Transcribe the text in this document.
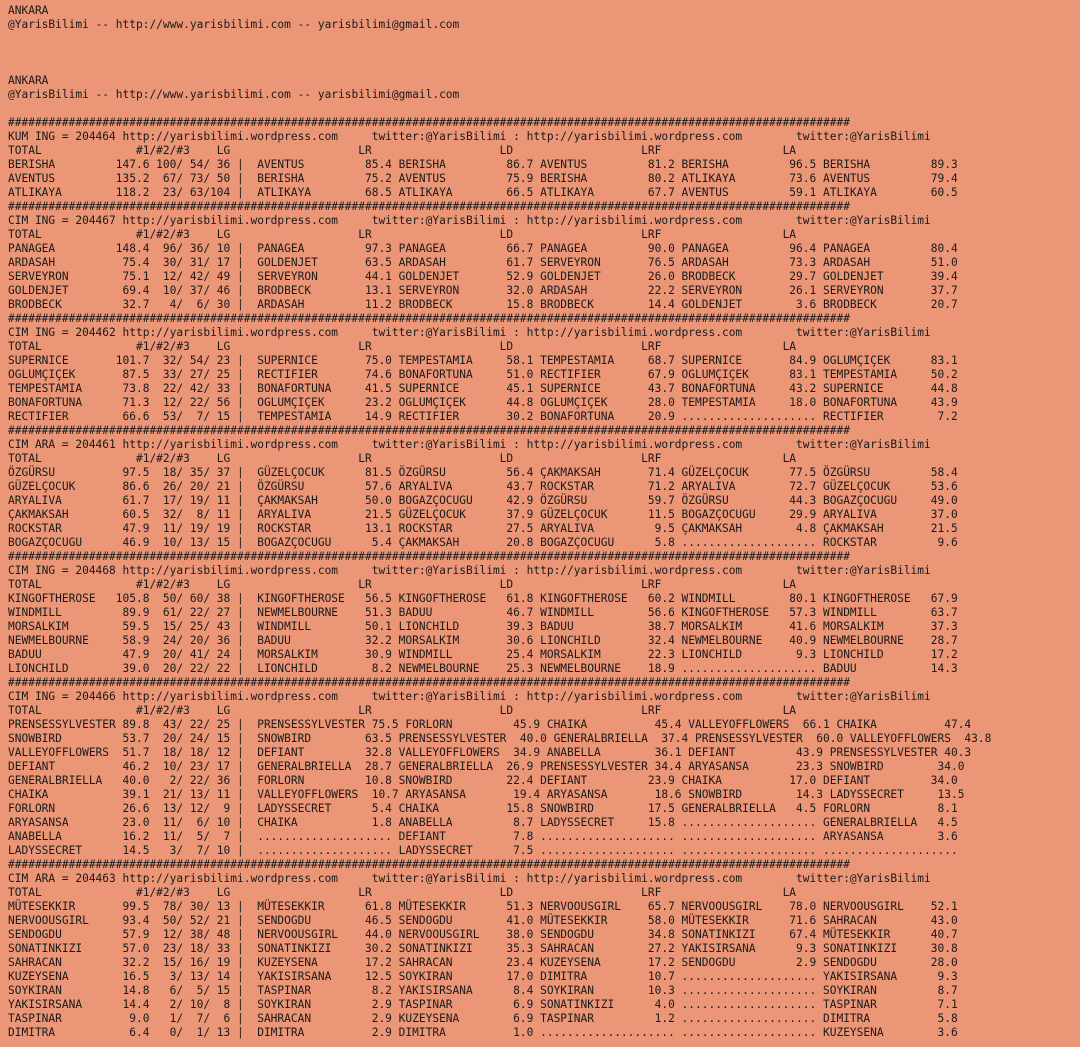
ANKARA
@YarisBilimi -- http://www.yarisbilimi.com -- yarisbilimi@gmail.com
ANKARA
@YarisBilimi -- http://www.yarisbilimi.com -- yarisbilimi@gmail.com
#############################################################################################################################
KUM ING = 204464 http://yarisbilimi.wordpress.com     twitter:@YarisBilimi : http://yarisbilimi.wordpress.com        twitter:@YarisBilimi
TOTAL              #1/#2/#3    LG                   LR                   LD                   LRF                  LA
BERISHA         147.6 100/ 54/ 36 |  AVENTUS         85.4 BERISHA         86.7 AVENTUS         81.2 BERISHA         96.5 BERISHA         89.3
AVENTUS         135.2  67/ 73/ 50 |  BERISHA         75.2 AVENTUS         75.9 BERISHA         80.2 ATLIKAYA        73.6 AVENTUS         79.4
ATLIKAYA        118.2  23/ 63/104 |  ATLIKAYA        68.5 ATLIKAYA        66.5 ATLIKAYA        67.7 AVENTUS         59.1 ATLIKAYA        60.5
#############################################################################################################################
CIM ING = 204467 http://yarisbilimi.wordpress.com     twitter:@YarisBilimi : http://yarisbilimi.wordpress.com        twitter:@YarisBilimi
TOTAL              #1/#2/#3    LG                   LR                   LD                   LRF                  LA
PANAGEA         148.4  96/ 36/ 10 |  PANAGEA         97.3 PANAGEA         66.7 PANAGEA         90.0 PANAGEA         96.4 PANAGEA         80.4
ARDASAH          75.4  30/ 31/ 17 |  GOLDENJET       63.5 ARDASAH         61.7 SERVEYRON       76.5 ARDASAH         73.3 ARDASAH         51.0
SERVEYRON        75.1  12/ 42/ 49 |  SERVEYRON       44.1 GOLDENJET       52.9 GOLDENJET       26.0 BRODBECK        29.7 GOLDENJET       39.4
GOLDENJET        69.4  10/ 37/ 46 |  BRODBECK        13.1 SERVEYRON       32.0 ARDASAH         22.2 SERVEYRON       26.1 SERVEYRON       37.7
BRODBECK         32.7   4/  6/ 30 |  ARDASAH         11.2 BRODBECK        15.8 BRODBECK        14.4 GOLDENJET        3.6 BRODBECK        20.7
#############################################################################################################################
CIM ING = 204462 http://yarisbilimi.wordpress.com     twitter:@YarisBilimi : http://yarisbilimi.wordpress.com        twitter:@YarisBilimi
TOTAL              #1/#2/#3    LG                   LR                   LD                   LRF                  LA
SUPERNICE       101.7  32/ 54/ 23 |  SUPERNICE       75.0 TEMPESTAMIA     58.1 TEMPESTAMIA     68.7 SUPERNICE       84.9 OGLUMÇIÇEK      83.1
OGLUMÇIÇEK       87.5  33/ 27/ 25 |  RECTIFIER       74.6 BONAFORTUNA     51.0 RECTIFIER       67.9 OGLUMÇIÇEK      83.1 TEMPESTAMIA     50.2
TEMPESTAMIA      73.8  22/ 42/ 33 |  BONAFORTUNA     41.5 SUPERNICE       45.1 SUPERNICE       43.7 BONAFORTUNA     43.2 SUPERNICE       44.8
BONAFORTUNA      71.3  12/ 22/ 56 |  OGLUMÇIÇEK      23.2 OGLUMÇIÇEK      44.8 OGLUMÇIÇEK      28.0 TEMPESTAMIA     18.0 BONAFORTUNA     43.9
RECTIFIER        66.6  53/  7/ 15 |  TEMPESTAMIA     14.9 RECTIFIER       30.2 BONAFORTUNA     20.9 .................... RECTIFIER        7.2
#############################################################################################################################
CIM ARA = 204461 http://yarisbilimi.wordpress.com     twitter:@YarisBilimi : http://yarisbilimi.wordpress.com        twitter:@YarisBilimi
TOTAL              #1/#2/#3    LG                   LR                   LD                   LRF                  LA
ÖZGÜRSU          97.5  18/ 35/ 37 |  GÜZELÇOCUK      81.5 ÖZGÜRSU         56.4 ÇAKMAKSAH       71.4 GÜZELÇOCUK      77.5 ÖZGÜRSU         58.4
GÜZELÇOCUK       86.6  26/ 20/ 21 |  ÖZGÜRSU         57.6 ARYALIVA        43.7 ROCKSTAR        71.2 ARYALIVA        72.7 GÜZELÇOCUK      53.6
ARYALIVA         61.7  17/ 19/ 11 |  ÇAKMAKSAH       50.0 BOGAZÇOCUGU     42.9 ÖZGÜRSU         59.7 ÖZGÜRSU         44.3 BOGAZÇOCUGU     49.0
ÇAKMAKSAH        60.5  32/  8/ 11 |  ARYALIVA        21.5 GÜZELÇOCUK      37.9 GÜZELÇOCUK      11.5 BOGAZÇOCUGU     29.9 ARYALIVA        37.0
ROCKSTAR         47.9  11/ 19/ 19 |  ROCKSTAR        13.1 ROCKSTAR        27.5 ARYALIVA         9.5 ÇAKMAKSAH        4.8 ÇAKMAKSAH       21.5
BOGAZÇOCUGU      46.9  10/ 13/ 15 |  BOGAZÇOCUGU      5.4 ÇAKMAKSAH       20.8 BOGAZÇOCUGU      5.8 .................... ROCKSTAR         9.6
#############################################################################################################################
CIM ING = 204468 http://yarisbilimi.wordpress.com     twitter:@YarisBilimi : http://yarisbilimi.wordpress.com        twitter:@YarisBilimi
TOTAL              #1/#2/#3    LG                   LR                   LD                   LRF                  LA
KINGOFTHEROSE   105.8  50/ 60/ 38 |  KINGOFTHEROSE   56.5 KINGOFTHEROSE   61.8 KINGOFTHEROSE   60.2 WINDMILL        80.1 KINGOFTHEROSE   67.9
WINDMILL         89.9  61/ 22/ 27 |  NEWMELBOURNE    51.3 BADUU           46.7 WINDMILL        56.6 KINGOFTHEROSE   57.3 WINDMILL        63.7
MORSALKIM        59.5  15/ 25/ 43 |  WINDMILL        50.1 LIONCHILD       39.3 BADUU           38.7 MORSALKIM       41.6 MORSALKIM       37.3
NEWMELBOURNE     58.9  24/ 20/ 36 |  BADUU           32.2 MORSALKIM       30.6 LIONCHILD       32.4 NEWMELBOURNE    40.9 NEWMELBOURNE    28.7
BADUU            47.9  20/ 41/ 24 |  MORSALKIM       30.9 WINDMILL        25.4 MORSALKIM       22.3 LIONCHILD        9.3 LIONCHILD       17.2
LIONCHILD        39.0  20/ 22/ 22 |  LIONCHILD        8.2 NEWMELBOURNE    25.3 NEWMELBOURNE    18.9 .................... BADUU           14.3
#############################################################################################################################
CIM ING = 204466 http://yarisbilimi.wordpress.com     twitter:@YarisBilimi : http://yarisbilimi.wordpress.com        twitter:@YarisBilimi
TOTAL              #1/#2/#3    LG                   LR                   LD                   LRF                  LA
PRENSESSYLVESTER 89.8  43/ 22/ 25 |  PRENSESSYLVESTER 75.5 FORLORN         45.9 CHAIKA          45.4 VALLEYOFFLOWERS  66.1 CHAIKA          47.4
SNOWBIRD         53.7  20/ 24/ 15 |  SNOWBIRD        63.5 PRENSESSYLVESTER  40.0 GENERALBRIELLA  37.4 PRENSESSYLVESTER  60.0 VALLEYOFFLOWERS  43.8
VALLEYOFFLOWERS  51.7  18/ 18/ 12 |  DEFIANT         32.8 VALLEYOFFLOWERS  34.9 ANABELLA        36.1 DEFIANT         43.9 PRENSESSYLVESTER 40.3
DEFIANT          46.2  10/ 23/ 17 |  GENERALBRIELLA  28.7 GENERALBRIELLA  26.9 PRENSESSYLVESTER 34.4 ARYASANSA       23.3 SNOWBIRD        34.0
GENERALBRIELLA   40.0   2/ 22/ 36 |  FORLORN         10.8 SNOWBIRD        22.4 DEFIANT         23.9 CHAIKA          17.0 DEFIANT         34.0
CHAIKA           39.1  21/ 13/ 11 |  VALLEYOFFLOWERS  10.7 ARYASANSA       19.4 ARYASANSA       18.6 SNOWBIRD        14.3 LADYSSECRET     13.5
FORLORN          26.6  13/ 12/  9 |  LADYSSECRET      5.4 CHAIKA          15.8 SNOWBIRD        17.5 GENERALBRIELLA   4.5 FORLORN          8.1
ARYASANSA        23.0  11/  6/ 10 |  CHAIKA           1.8 ANABELLA         8.7 LADYSSECRET     15.8 .................... GENERALBRIELLA   4.5
ANABELLA         16.2  11/  5/  7 |  .................... DEFIANT          7.8 .................... .................... ARYASANSA        3.6
LADYSSECRET      14.5   3/  7/ 10 |  .................... LADYSSECRET      7.5 .................... .................... ....................
#############################################################################################################################
CIM ARA = 204463 http://yarisbilimi.wordpress.com     twitter:@YarisBilimi : http://yarisbilimi.wordpress.com        twitter:@YarisBilimi
TOTAL              #1/#2/#3    LG                   LR                   LD                   LRF                  LA
MÜTESEKKIR       99.5  78/ 30/ 13 |  MÜTESEKKIR      61.8 MÜTESEKKIR      51.3 NERVOOUSGIRL    65.7 NERVOOUSGIRL    78.0 NERVOOUSGIRL    52.1
NERVOOUSGIRL     93.4  50/ 52/ 21 |  SENDOGDU        46.5 SENDOGDU        41.0 MÜTESEKKIR      58.0 MÜTESEKKIR      71.6 SAHRACAN        43.0
SENDOGDU         57.9  12/ 38/ 48 |  NERVOOUSGIRL    44.0 NERVOOUSGIRL    38.0 SENDOGDU        34.8 SONATINKIZI     67.4 MÜTESEKKIR      40.7
SONATINKIZI      57.0  23/ 18/ 33 |  SONATINKIZI     30.2 SONATINKIZI     35.3 SAHRACAN        27.2 YAKISIRSANA      9.3 SONATINKIZI     30.8
SAHRACAN         32.2  15/ 16/ 19 |  KUZEYSENA       17.2 SAHRACAN        23.4 KUZEYSENA       17.2 SENDOGDU         2.9 SENDOGDU        28.0
KUZEYSENA        16.5   3/ 13/ 14 |  YAKISIRSANA     12.5 SOYKIRAN        17.0 DIMITRA         10.7 .................... YAKISIRSANA      9.3
SOYKIRAN         14.8   6/  5/ 15 |  TASPINAR         8.2 YAKISIRSANA      8.4 SOYKIRAN        10.3 .................... SOYKIRAN         8.7
YAKISIRSANA      14.4   2/ 10/  8 |  SOYKIRAN         2.9 TASPINAR         6.9 SONATINKIZI      4.0 .................... TASPINAR         7.1
TASPINAR          9.0   1/  7/  6 |  SAHRACAN         2.9 KUZEYSENA        6.9 TASPINAR         1.2 .................... DIMITRA          5.8
DIMITRA           6.4   0/  1/ 13 |  DIMITRA          2.9 DIMITRA          1.0 .................... .................... KUZEYSENA        3.6
